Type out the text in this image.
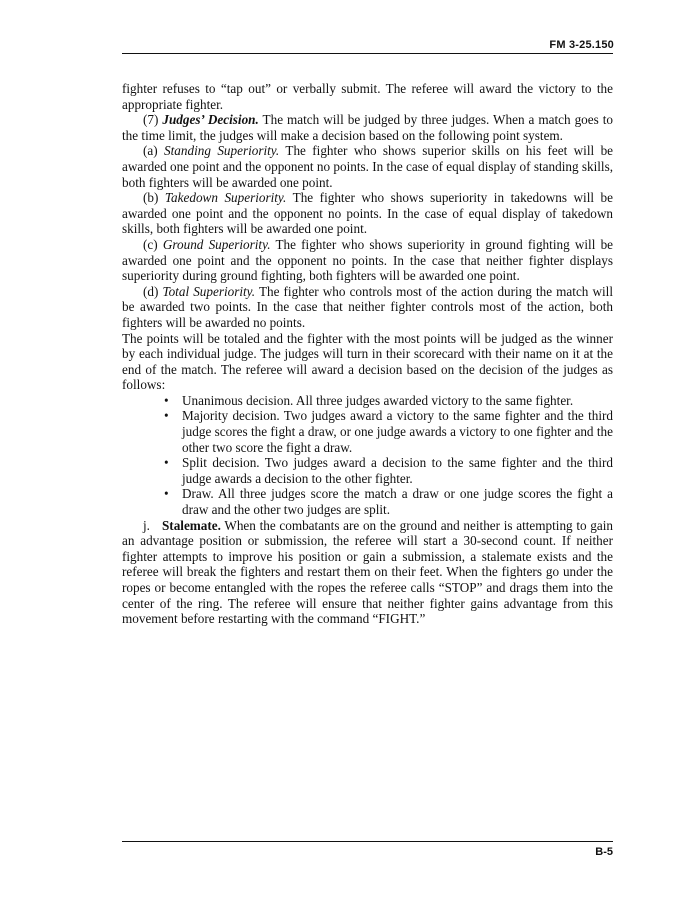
FM 3-25.150

fighter refuses to “tap out” or verbally submit. The referee will award the victory to the appropriate fighter.

(7) Judges’ Decision. The match will be judged by three judges. When a match goes to the time limit, the judges will make a decision based on the following point system.

(a) Standing Superiority. The fighter who shows superior skills on his feet will be awarded one point and the opponent no points. In the case of equal display of standing skills, both fighters will be awarded one point.

(b) Takedown Superiority. The fighter who shows superiority in takedowns will be awarded one point and the opponent no points. In the case of equal display of takedown skills, both fighters will be awarded one point.

(c) Ground Superiority. The fighter who shows superiority in ground fighting will be awarded one point and the opponent no points. In the case that neither fighter displays superiority during ground fighting, both fighters will be awarded one point.

(d) Total Superiority. The fighter who controls most of the action during the match will be awarded two points. In the case that neither fighter controls most of the action, both fighters will be awarded no points.

The points will be totaled and the fighter with the most points will be judged as the winner by each individual judge. The judges will turn in their scorecard with their name on it at the end of the match. The referee will award a decision based on the decision of the judges as follows:

• Unanimous decision. All three judges awarded victory to the same fighter.
• Majority decision. Two judges award a victory to the same fighter and the third judge scores the fight a draw, or one judge awards a victory to one fighter and the other two score the fight a draw.
• Split decision. Two judges award a decision to the same fighter and the third judge awards a decision to the other fighter.
• Draw. All three judges score the match a draw or one judge scores the fight a draw and the other two judges are split.

j. Stalemate. When the combatants are on the ground and neither is attempting to gain an advantage position or submission, the referee will start a 30-second count. If neither fighter attempts to improve his position or gain a submission, a stalemate exists and the referee will break the fighters and restart them on their feet. When the fighters go under the ropes or become entangled with the ropes the referee calls “STOP” and drags them into the center of the ring. The referee will ensure that neither fighter gains advantage from this movement before restarting with the command “FIGHT.”

B-5
